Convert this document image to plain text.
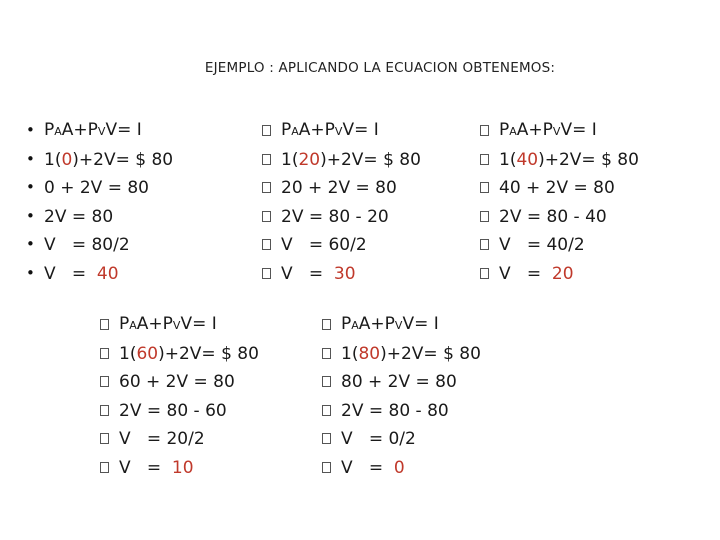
EJEMPLO : APLICANDO LA ECUACION OBTENEMOS:
• PAA+PVV= I
• 1(0)+2V= $ 80
• 0 + 2V = 80
• 2V = 80
• V   = 80/2
• V   =  40
PAA+PVV= I
1(20)+2V= $ 80
20 + 2V = 80
2V = 80 - 20
V   = 60/2
V   =  30
PAA+PVV= I
1(40)+2V= $ 80
40 + 2V = 80
2V = 80 - 40
V   = 40/2
V   =  20
PAA+PVV= I
1(60)+2V= $ 80
60 + 2V = 80
2V = 80 - 60
V   = 20/2
V   =  10
PAA+PVV= I
1(80)+2V= $ 80
80 + 2V = 80
2V = 80 - 80
V   = 0/2
V   =  0
